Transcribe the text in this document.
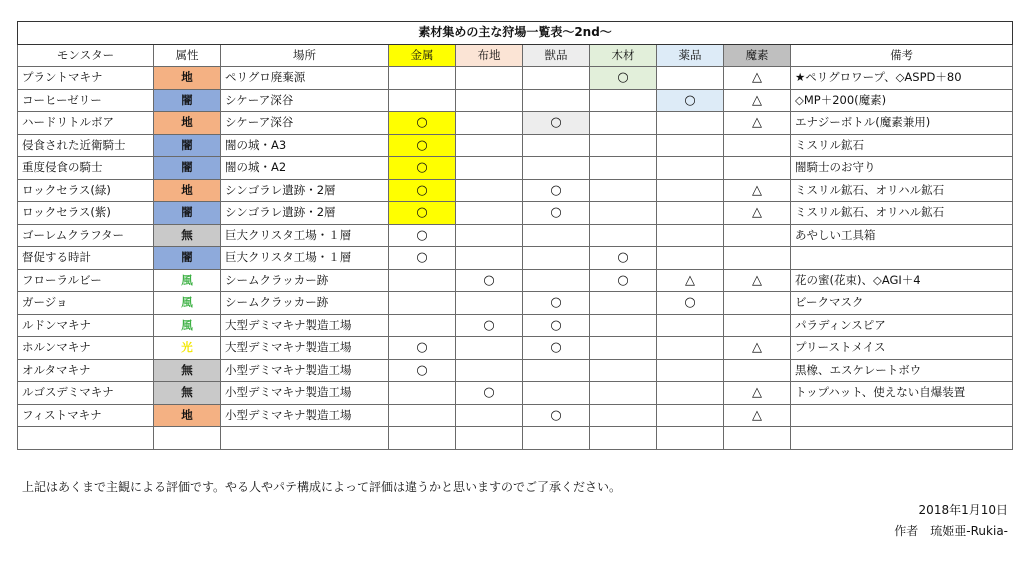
素材集めの主な狩場一覧表～2nd～									
モンスター	属性	場所	金属	布地	獣品	木材	薬品	魔素	備考
プラントマキナ	地	ペリグロ廃棄源				○		△	★ペリグロワープ、◇ASPD＋80
コーヒーゼリー	闇	シケーア深谷					○	△	◇MP＋200(魔素)
ハードリトルボア	地	シケーア深谷	○		○			△	エナジーボトル(魔素兼用)
侵食された近衛騎士	闇	闇の城・A3	○						ミスリル鉱石
重度侵食の騎士	闇	闇の城・A2	○						闇騎士のお守り
ロックセラス(緑)	地	シンゴラレ遺跡・2層	○		○			△	ミスリル鉱石、オリハル鉱石
ロックセラス(紫)	闇	シンゴラレ遺跡・2層	○		○			△	ミスリル鉱石、オリハル鉱石
ゴーレムクラフター	無	巨大クリスタ工場・１層	○						あやしい工具箱
督促する時計	闇	巨大クリスタ工場・１層	○			○			
フローラルビー	風	シームクラッカー跡		○		○	△	△	花の蜜(花束)、◇AGI＋4
ガージョ	風	シームクラッカー跡			○		○		ビークマスク
ルドンマキナ	風	大型デミマキナ製造工場		○	○				パラディンスピア
ホルンマキナ	光	大型デミマキナ製造工場	○		○			△	プリーストメイス
オルタマキナ	無	小型デミマキナ製造工場	○						黒橡、エスケレートボウ
ルゴスデミマキナ	無	小型デミマキナ製造工場		○				△	トップハット、使えない自爆装置
フィストマキナ	地	小型デミマキナ製造工場			○			△	

上記はあくまで主観による評価です。やる人やパテ構成によって評価は違うかと思いますのでご了承ください。
2018年1月10日
作者　琉姫亜-Rukia-
